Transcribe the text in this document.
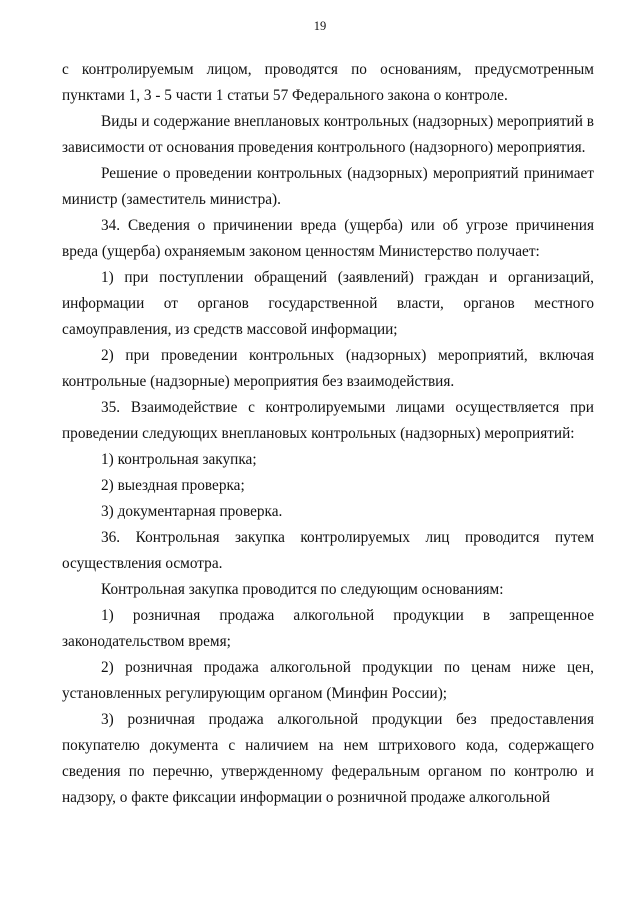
19

с контролируемым лицом, проводятся по основаниям, предусмотренным пунктами 1, 3 - 5 части 1 статьи 57 Федерального закона о контроле.

Виды и содержание внеплановых контрольных (надзорных) мероприятий в зависимости от основания проведения контрольного (надзорного) мероприятия.

Решение о проведении контрольных (надзорных) мероприятий принимает министр (заместитель министра).

34. Сведения о причинении вреда (ущерба) или об угрозе причинения вреда (ущерба) охраняемым законом ценностям Министерство получает:

1) при поступлении обращений (заявлений) граждан и организаций, информации от органов государственной власти, органов местного самоуправления, из средств массовой информации;

2) при проведении контрольных (надзорных) мероприятий, включая контрольные (надзорные) мероприятия без взаимодействия.

35. Взаимодействие с контролируемыми лицами осуществляется при проведении следующих внеплановых контрольных (надзорных) мероприятий:

1) контрольная закупка;

2) выездная проверка;

3) документарная проверка.

36. Контрольная закупка контролируемых лиц проводится путем осуществления осмотра.

Контрольная закупка проводится по следующим основаниям:

1) розничная продажа алкогольной продукции в запрещенное законодательством время;

2) розничная продажа алкогольной продукции по ценам ниже цен, установленных регулирующим органом (Минфин России);

3) розничная продажа алкогольной продукции без предоставления покупателю документа с наличием на нем штрихового кода, содержащего сведения по перечню, утвержденному федеральным органом по контролю и надзору, о факте фиксации информации о розничной продаже алкогольной
